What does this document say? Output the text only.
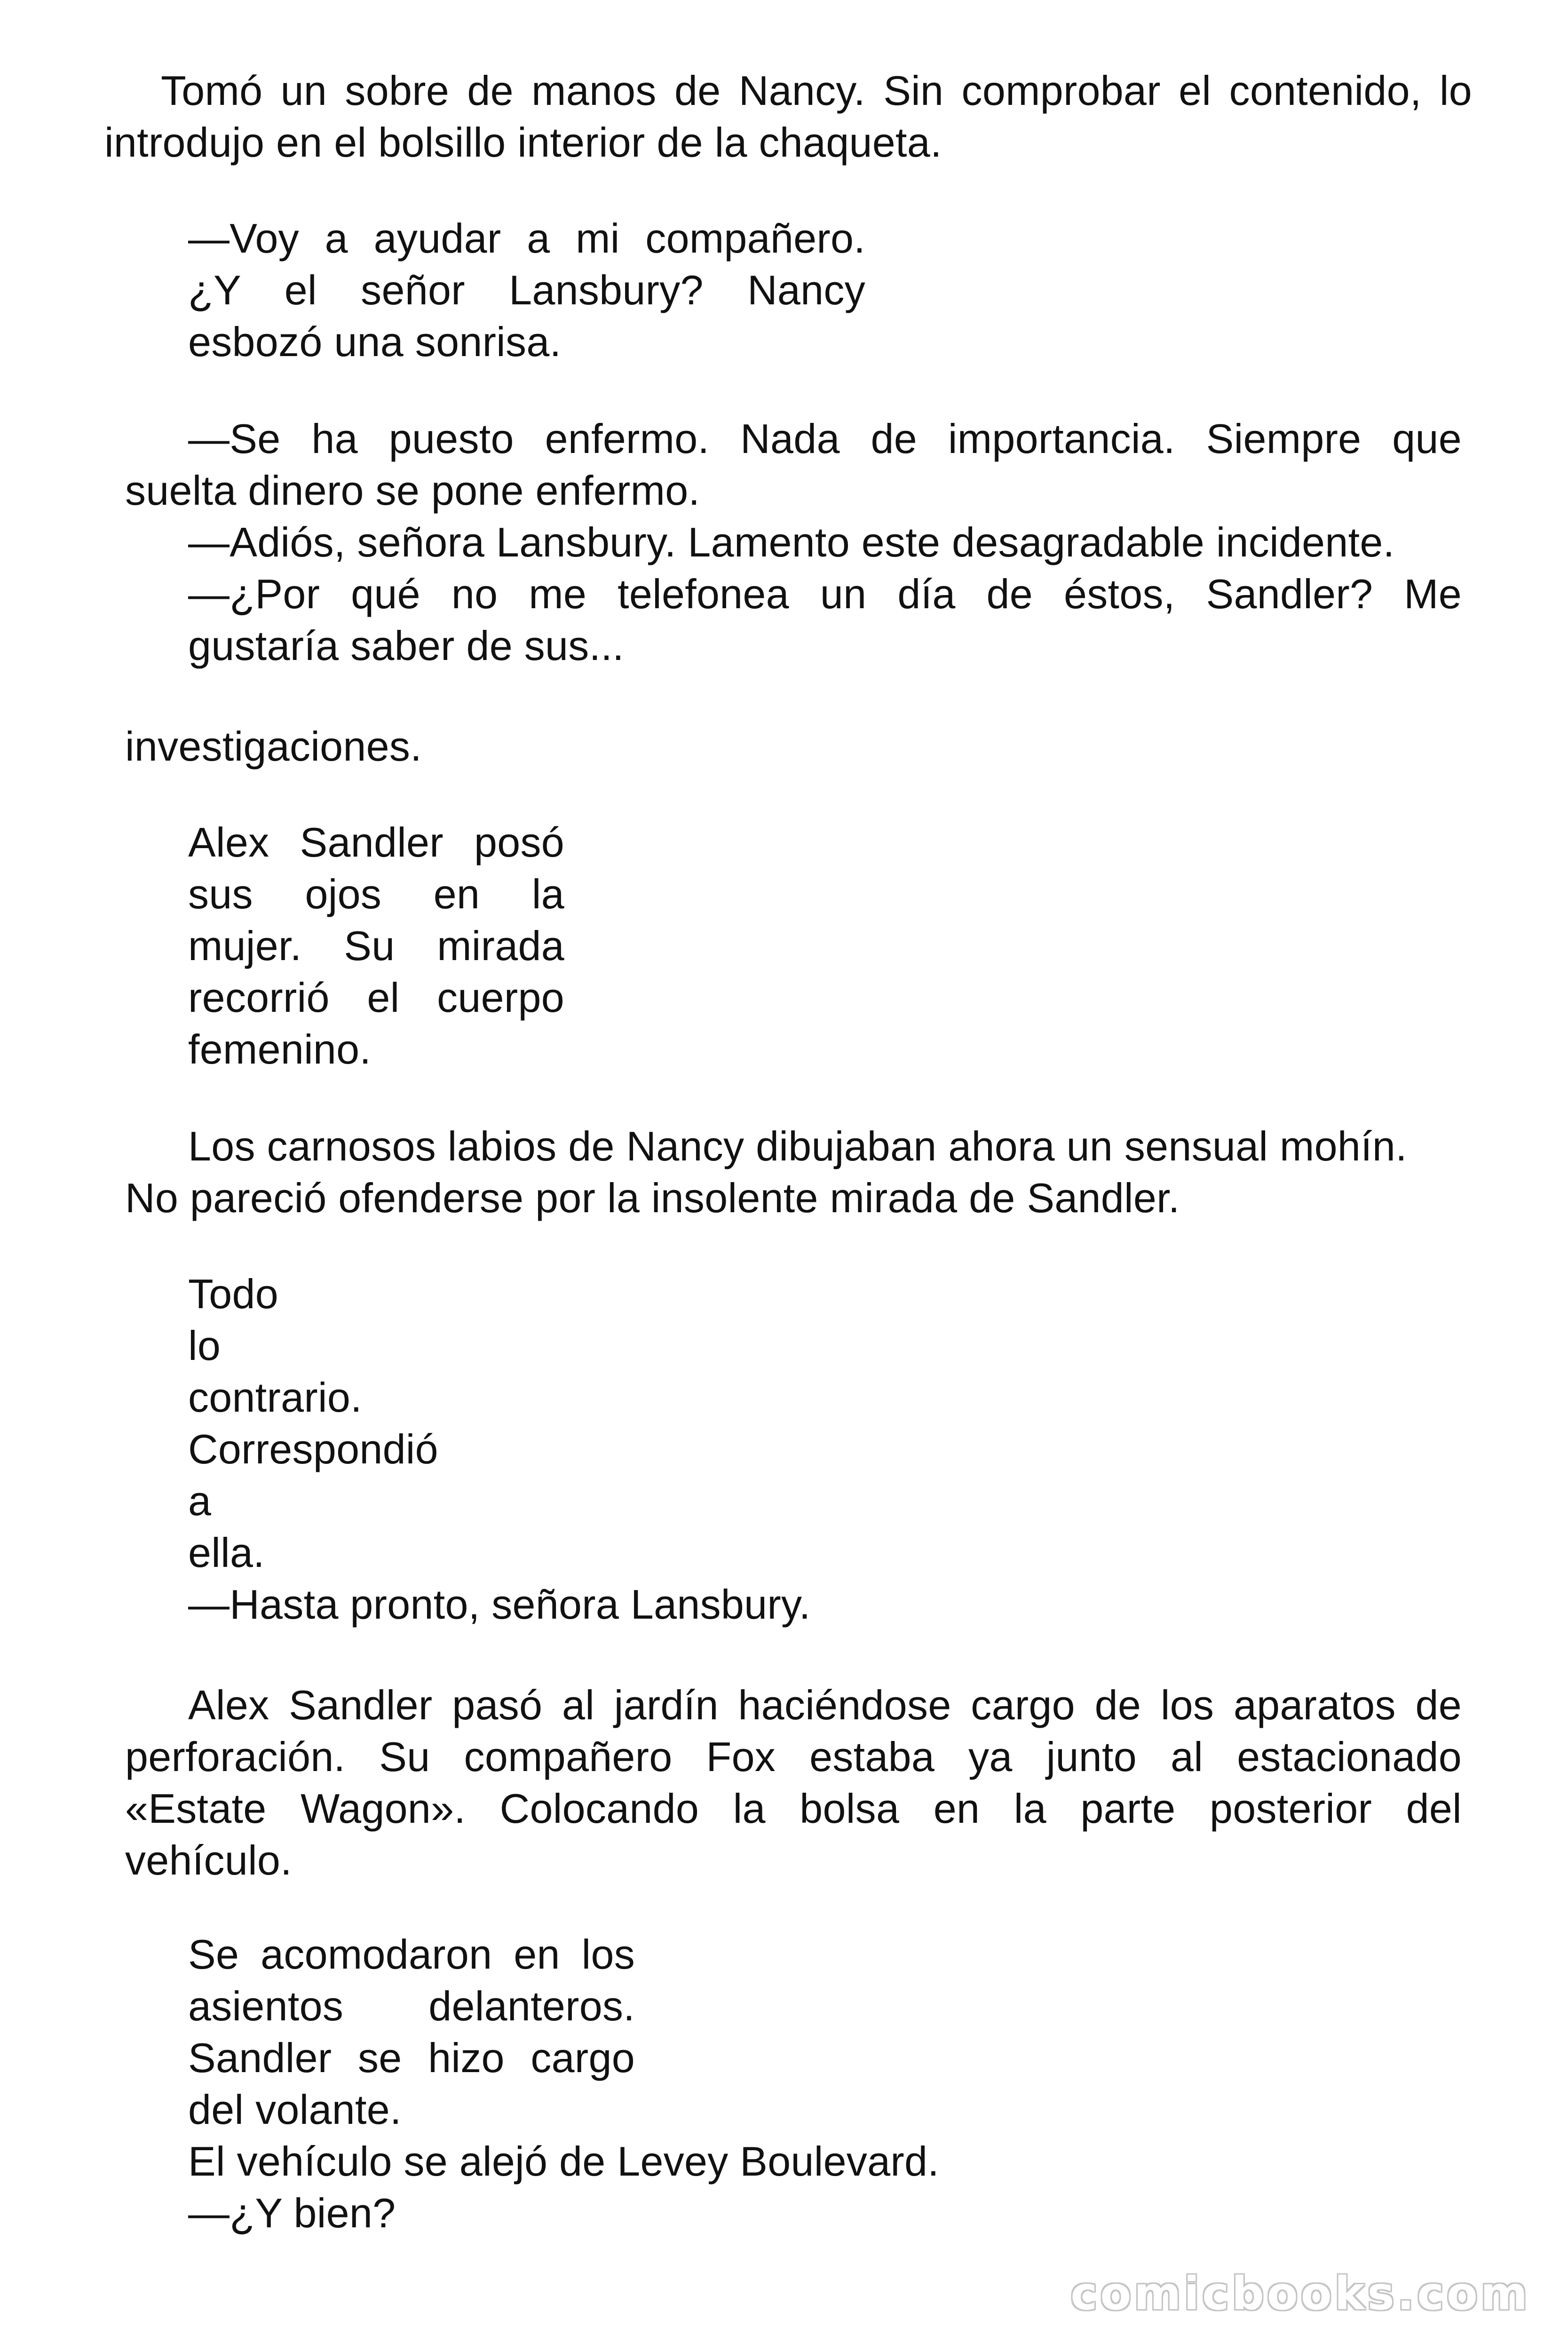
Tomó un sobre de manos de Nancy. Sin comprobar el contenido, lo
introdujo en el bolsillo interior de la chaqueta.
—Voy a ayudar a mi compañero.
¿Y el señor Lansbury? Nancy
esbozó una sonrisa.
—Se ha puesto enfermo. Nada de importancia. Siempre que
suelta dinero se pone enfermo.
—Adiós, señora Lansbury. Lamento este desagradable incidente.
—¿Por qué no me telefonea un día de éstos, Sandler? Me
gustaría saber de sus...
investigaciones.
Alex Sandler posó
sus ojos en la
mujer. Su mirada
recorrió el cuerpo
femenino.
Los carnosos labios de Nancy dibujaban ahora un sensual mohín.
No pareció ofenderse por la insolente mirada de Sandler.
Todo
lo
contrario.
Correspondió
a
ella.
—Hasta pronto, señora Lansbury.
Alex Sandler pasó al jardín haciéndose cargo de los aparatos de
perforación. Su compañero Fox estaba ya junto al estacionado
«Estate Wagon». Colocando la bolsa en la parte posterior del
vehículo.
Se acomodaron en los
asientos delanteros.
Sandler se hizo cargo
del volante.
El vehículo se alejó de Levey Boulevard.
—¿Y bien?
comicbooks.com
